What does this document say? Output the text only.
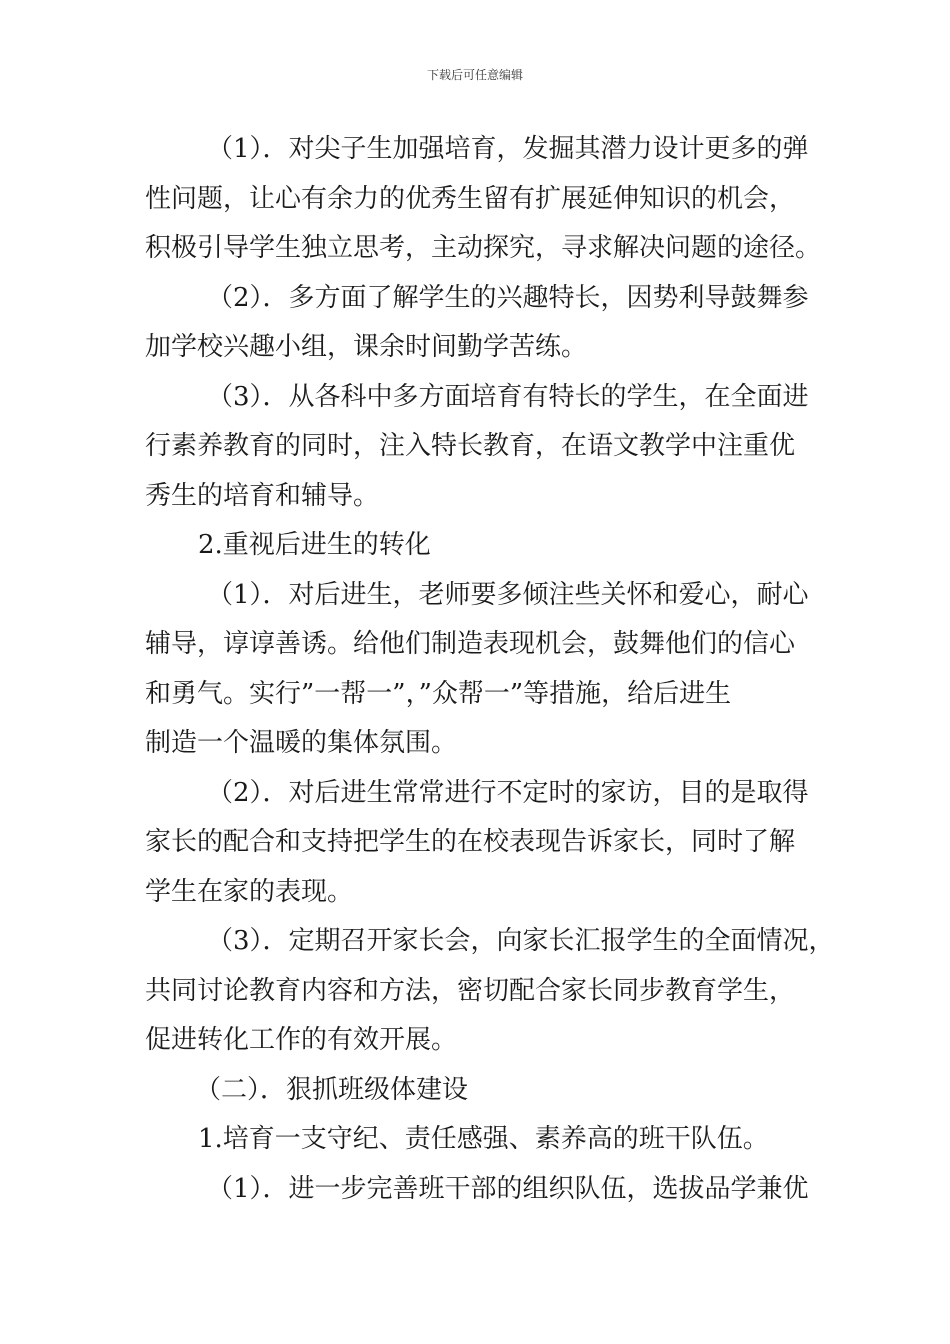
下载后可任意编辑
（1）．对尖子生加强培育，发掘其潜力设计更多的弹
性问题，让心有余力的优秀生留有扩展延伸知识的机会，
积极引导学生独立思考，主动探究，寻求解决问题的途径。
（2）．多方面了解学生的兴趣特长，因势利导鼓舞参
加学校兴趣小组，课余时间勤学苦练。
（3）．从各科中多方面培育有特长的学生，在全面进
行素养教育的同时，注入特长教育，在语文教学中注重优
秀生的培育和辅导。
2.重视后进生的转化
（1）．对后进生，老师要多倾注些关怀和爱心，耐心
辅导，谆谆善诱。给他们制造表现机会，鼓舞他们的信心
和勇气。实行”一帮一”，”众帮一”等措施，给后进生
制造一个温暖的集体氛围。
（2）．对后进生常常进行不定时的家访，目的是取得
家长的配合和支持把学生的在校表现告诉家长，同时了解
学生在家的表现。
（3）．定期召开家长会，向家长汇报学生的全面情况，
共同讨论教育内容和方法，密切配合家长同步教育学生，
促进转化工作的有效开展。
（二）．狠抓班级体建设
1.培育一支守纪、责任感强、素养高的班干队伍。
（1）．进一步完善班干部的组织队伍，选拔品学兼优
